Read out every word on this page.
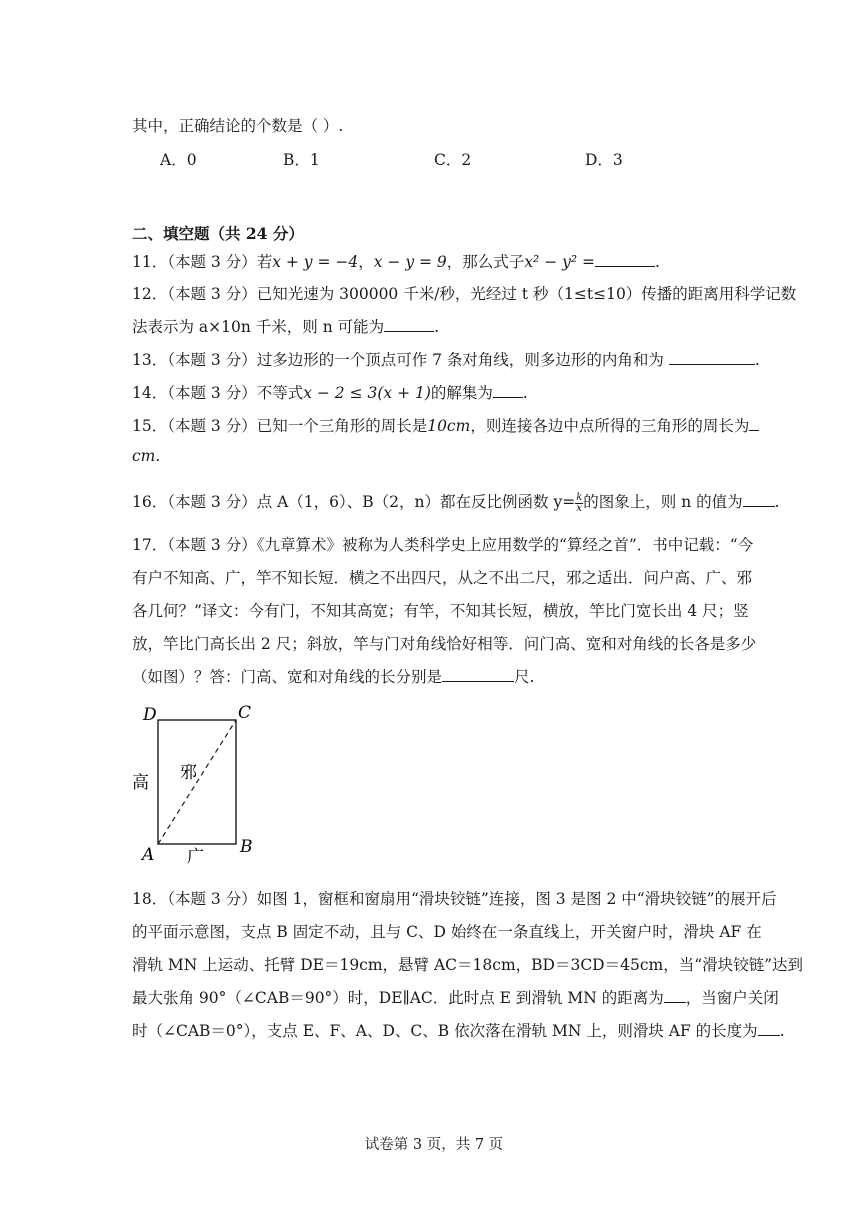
其中，正确结论的个数是（ ）.
A．0	B．1	C．2	D．3
二、填空题（共 24 分）
11．（本题 3 分）若x + y = −4，x − y = 9，那么式子x² − y² =	.
12．（本题 3 分）已知光速为 300000 千米/秒，光经过 t 秒（1≤t≤10）传播的距离用科学记数
法表示为 a×10n 千米，则 n 可能为	.
13．（本题 3 分）过多边形的一个顶点可作 7 条对角线，则多边形的内角和为	.
14．（本题 3 分）不等式x − 2 ≤ 3(x + 1)的解集为 .
15．（本题 3 分）已知一个三角形的周长是10cm，则连接各边中点所得的三角形的周长为
cm.
16．（本题 3 分）点 A（1，6）、B（2，n）都在反比例函数 $y= \frac{k}{x}$ 的图象上，则 n 的值为 .
17．（本题 3 分）《九章算术》被称为人类科学史上应用数学的“算经之首”．书中记载：“今
有户不知高、广，竿不知长短．横之不出四尺，从之不出二尺，邪之适出．问户高、广、邪
各几何？”译文：今有门，不知其高宽；有竿，不知其长短，横放，竿比门宽长出 4 尺；竖
放，竿比门高长出 2 尺；斜放，竿与门对角线恰好相等．问门高、宽和对角线的长各是多少
（如图）？答：门高、宽和对角线的长分别是	尺.
D	C
A	B
高
广
邪
18．（本题 3 分）如图 1，窗框和窗扇用“滑块铰链”连接，图 3 是图 2 中“滑块铰链”的展开后
的平面示意图，支点 B 固定不动，且与 C、D 始终在一条直线上，开关窗户时，滑块 AF 在
滑轨 MN 上运动、托臂 DE＝19cm，悬臂 AC＝18cm，BD＝3CD＝45cm，当“滑块铰链”达到
最大张角 90°（∠CAB＝90°）时，DE∥AC．此时点 E 到滑轨 MN 的距离为 ，当窗户关闭
时（∠CAB＝0°），支点 E、F、A、D、C、B 依次落在滑轨 MN 上，则滑块 AF 的长度为 .
试卷第 3 页，共 7 页
